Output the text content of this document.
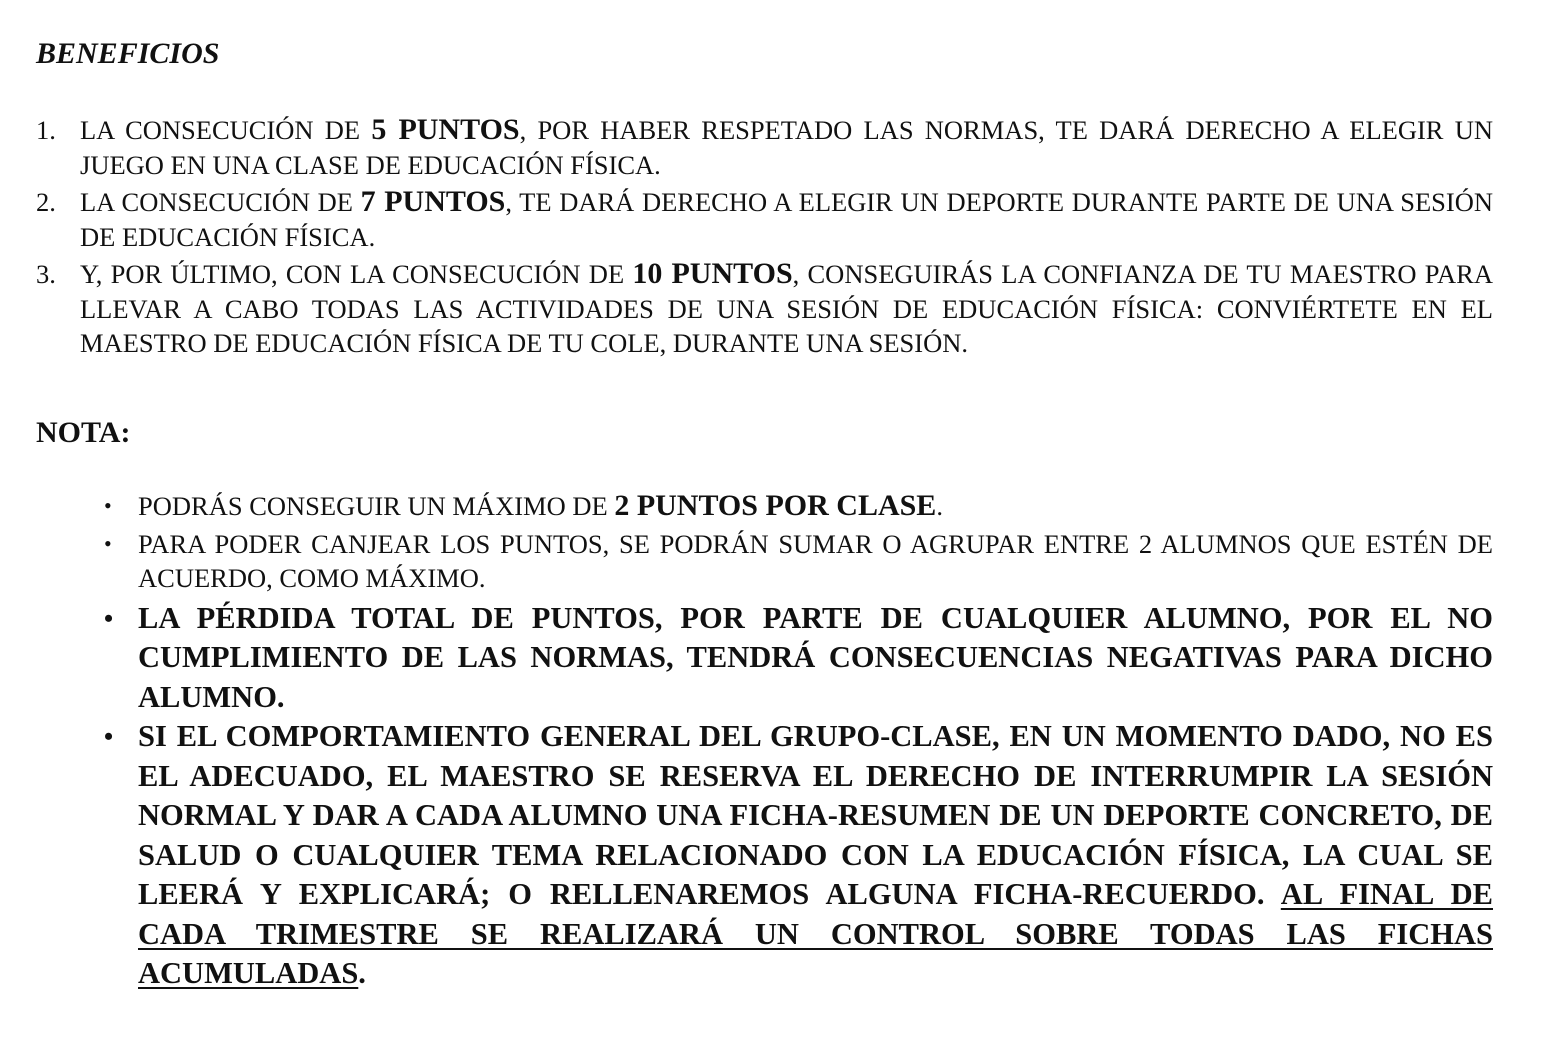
BENEFICIOS
1. LA CONSECUCIÓN DE 5 PUNTOS, POR HABER RESPETADO LAS NORMAS, TE DARÁ DERECHO A ELEGIR UN JUEGO EN UNA CLASE DE EDUCACIÓN FÍSICA.
2. LA CONSECUCIÓN DE 7 PUNTOS, TE DARÁ DERECHO A ELEGIR UN DEPORTE DURANTE PARTE DE UNA SESIÓN DE EDUCACIÓN FÍSICA.
3. Y, POR ÚLTIMO, CON LA CONSECUCIÓN DE 10 PUNTOS, CONSEGUIRÁS LA CONFIANZA DE TU MAESTRO PARA LLEVAR A CABO TODAS LAS ACTIVIDADES DE UNA SESIÓN DE EDUCACIÓN FÍSICA: CONVIÉRTETE EN EL MAESTRO DE EDUCACIÓN FÍSICA DE TU COLE, DURANTE UNA SESIÓN.
NOTA:
• PODRÁS CONSEGUIR UN MÁXIMO DE 2 PUNTOS POR CLASE.
• PARA PODER CANJEAR LOS PUNTOS, SE PODRÁN SUMAR O AGRUPAR ENTRE 2 ALUMNOS QUE ESTÉN DE ACUERDO, COMO MÁXIMO.
• LA PÉRDIDA TOTAL DE PUNTOS, POR PARTE DE CUALQUIER ALUMNO, POR EL NO CUMPLIMIENTO DE LAS NORMAS, TENDRÁ CONSECUENCIAS NEGATIVAS PARA DICHO ALUMNO.
• SI EL COMPORTAMIENTO GENERAL DEL GRUPO-CLASE, EN UN MOMENTO DADO, NO ES EL ADECUADO, EL MAESTRO SE RESERVA EL DERECHO DE INTERRUMPIR LA SESIÓN NORMAL Y DAR A CADA ALUMNO UNA FICHA-RESUMEN DE UN DEPORTE CONCRETO, DE SALUD O CUALQUIER TEMA RELACIONADO CON LA EDUCACIÓN FÍSICA, LA CUAL SE LEERÁ Y EXPLICARÁ; O RELLENAREMOS ALGUNA FICHA-RECUERDO. AL FINAL DE CADA TRIMESTRE SE REALIZARÁ UN CONTROL SOBRE TODAS LAS FICHAS ACUMULADAS.
